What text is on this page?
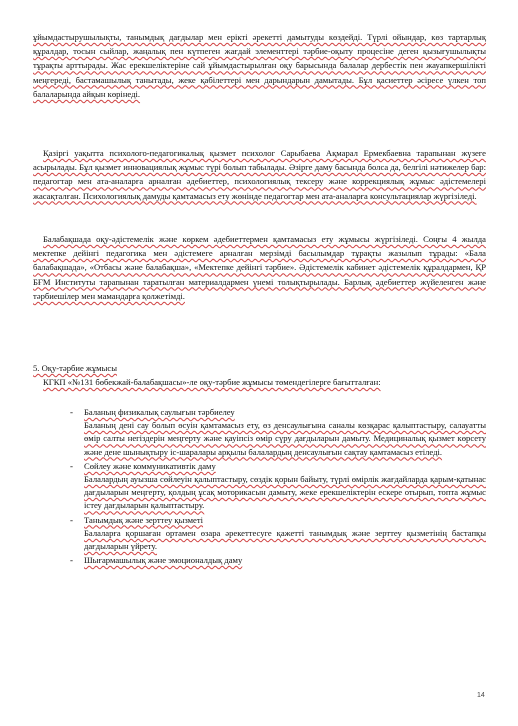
ұйымдастырушылықты, танымдық дағдылар мен еріктi әрекеттi дамытуды көздейдi. Түрлi ойындар, көз тартарлық құралдар, тосын сыйлар, жаңалық пен күтпеген жағдай элементтерi тәрбие-оқыту процесiне деген қызығушылықты тұрақты арттырады. Жас ерекшелiктерiне сай ұйымдастырылған оқу барысында балалар дербестiк пен жауапкершiлiктi меңгередi, бастамашылық танытады, жеке қабiлеттерi мен дарындарын дамытады. Бұл қасиеттер әсiресе үлкен топ балаларында айқын көрiнедi.

Қазiргi уақытта психолого-педагогикалық қызмет психолог Сарыбаева Ақмарал Ермекбаевна тарапынан жүзеге асырылады. Бұл қызмет инновациялық жұмыс түрi болып табылады. Әзiрге даму басында болса да, белгiлi нәтижелер бар: педагогтар мен ата-аналарға арналған әдебиеттер, психологиялық тексеру және коррекциялық жұмыс әдiстемелерi жасақталған. Психологиялық дамуды қамтамасыз ету жөнiнде педагогтар мен ата-аналарға консультациялар жүргiзiледi.

Балабақшада оқу-әдiстемелiк және көркем әдебиеттермен қамтамасыз ету жұмысы жүргiзiледi. Соңғы 4 жылда мектепке дейiнгi педагогика мен әдiстемеге арналған мерзiмдi басылымдар тұрақты жазылып тұрады: «Бала балабақшада», «Отбасы және балабақша», «Мектепке дейiнгi тәрбие». Әдiстемелiк кабинет әдiстемелiк құралдармен, ҚР БҒМ Институты тарапынан таратылған материалдармен үнемi толықтырылады. Барлық әдебиеттер жүйеленген және тәрбиешiлер мен мамандарға қолжетiмдi.

5. Оқу-тәрбие жұмысы

КГКП «№131 бөбекжай-балабақшасы»-ле оқу-тәрбие жұмысы төмендегiлерге бағытталған:

- Баланың физикалық саулығын тәрбиелеу
Баланың денi сау болып өсуiн қамтамасыз ету, өз денсаулығына саналы көзқарас қалыптастыру, салауатты өмiр салты негiздерiн меңгерту және қауiпсiз өмiр сүру дағдыларын дамыту. Медициналық қызмет көрсету және дене шынықтыру iс-шаралары арқылы балалардың денсаулығын сақтау қамтамасыз етiледi.
- Сөйлеу және коммуникативтiк даму
Балалардың ауызша сөйлеуiн қалыптастыру, сөздiк қорын байыту, түрлi өмiрлiк жағдайларда қарым-қатынас дағдыларын меңгерту, қолдың ұсақ моторикасын дамыту, жеке ерекшелiктерiн ескере отырып, топта жұмыс iстеу дағдыларын қалыптастыру.
- Танымдық және зерттеу қызметi
Балаларға қоршаған ортамен өзара әрекеттесуге қажеттi танымдық және зерттеу қызметiнiң бастапқы дағдыларын үйрету.
- Шығармашылық және эмоционалдық даму
14
